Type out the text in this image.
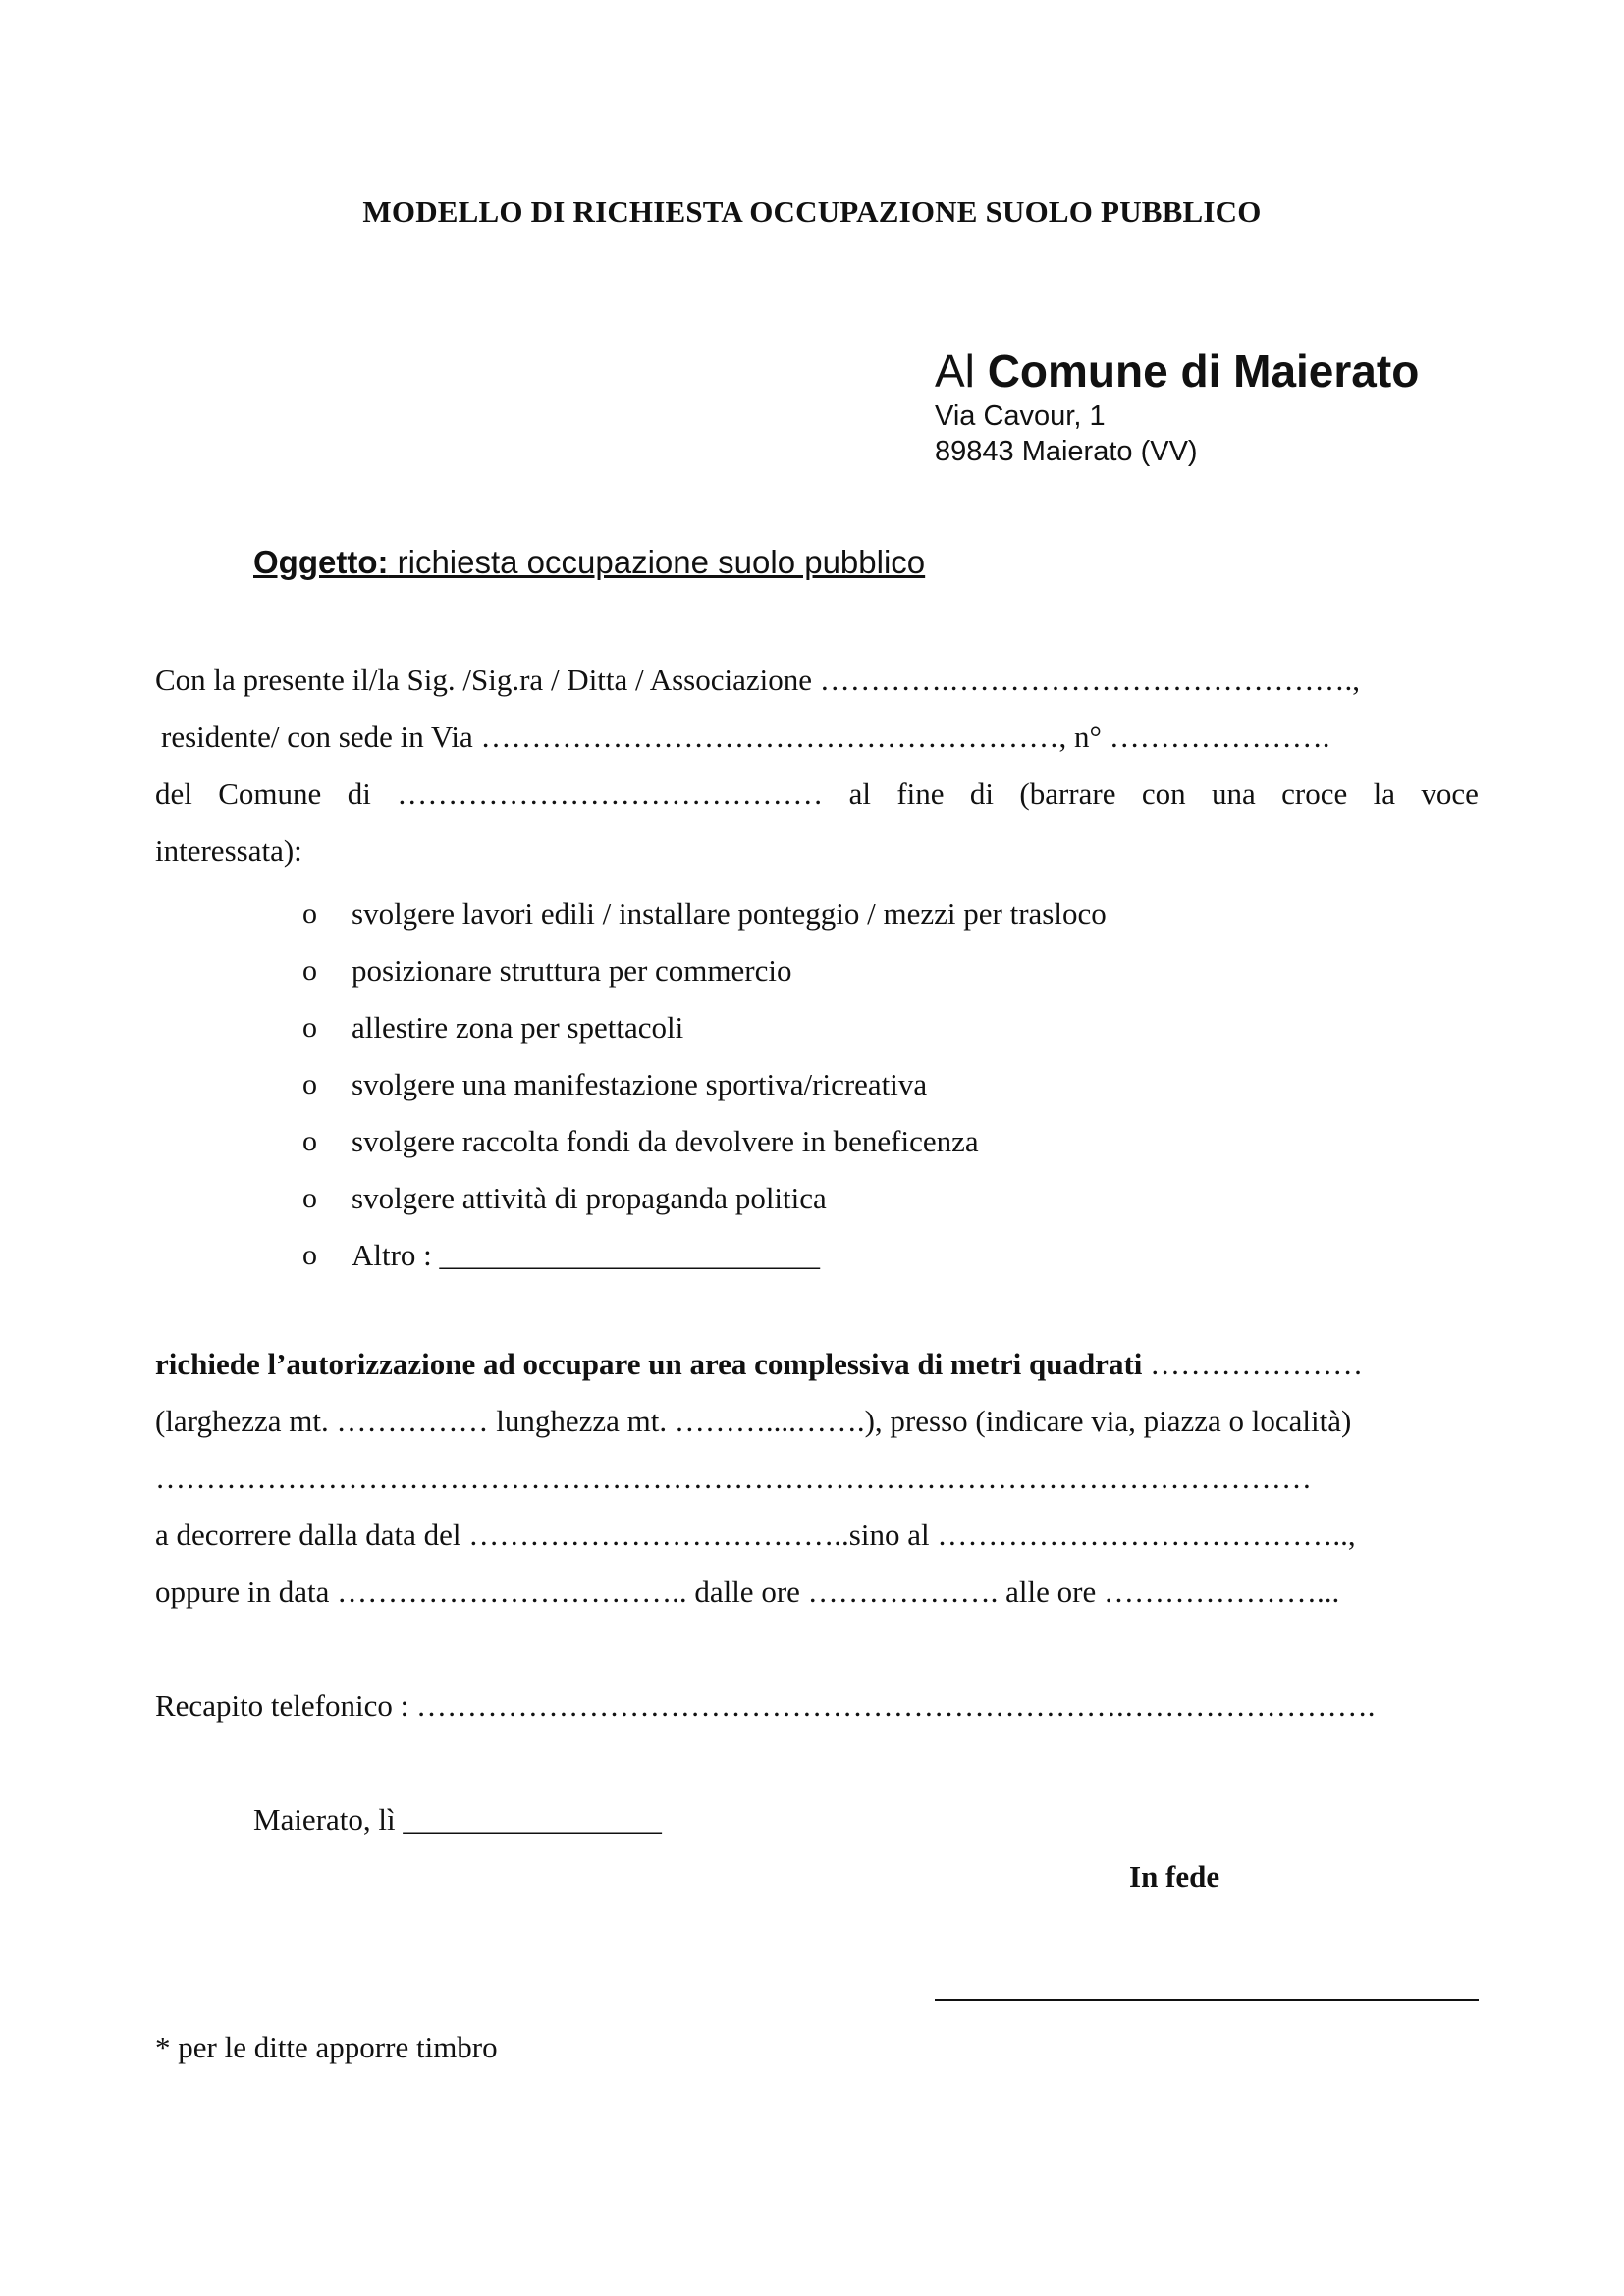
MODELLO DI RICHIESTA OCCUPAZIONE SUOLO PUBBLICO
Al Comune di Maierato
Via Cavour, 1
89843 Maierato (VV)
Oggetto: richiesta occupazione suolo pubblico
Con la presente il/la Sig. /Sig.ra / Ditta / Associazione ………….………………………………….,
residente/ con sede in Via …………………………………………………, n° ………………….
del Comune di …………………………………… al fine di (barrare con una croce la voce
interessata):
o	svolgere lavori edili / installare ponteggio / mezzi per trasloco
o	posizionare struttura per commercio
o	allestire zona per spettacoli
o	svolgere una manifestazione sportiva/ricreativa
o	svolgere raccolta fondi da devolvere in beneficenza
o	svolgere attività di propaganda politica
o	Altro : _________________________
richiede l’autorizzazione ad occupare un area complessiva di metri quadrati …………………
(larghezza mt. …………… lunghezza mt. ………....…….), presso (indicare via, piazza o località)
……………………………………………………………………………………………………
a decorrere dalla data del ………………………………..sino al …………………………………..,
oppure in data …………………………….. dalle ore ………………. alle ore …………………...
Recapito telefonico : …………………………………………………………….…………………….
Maierato, lì _________________
In fede
* per le ditte apporre timbro
